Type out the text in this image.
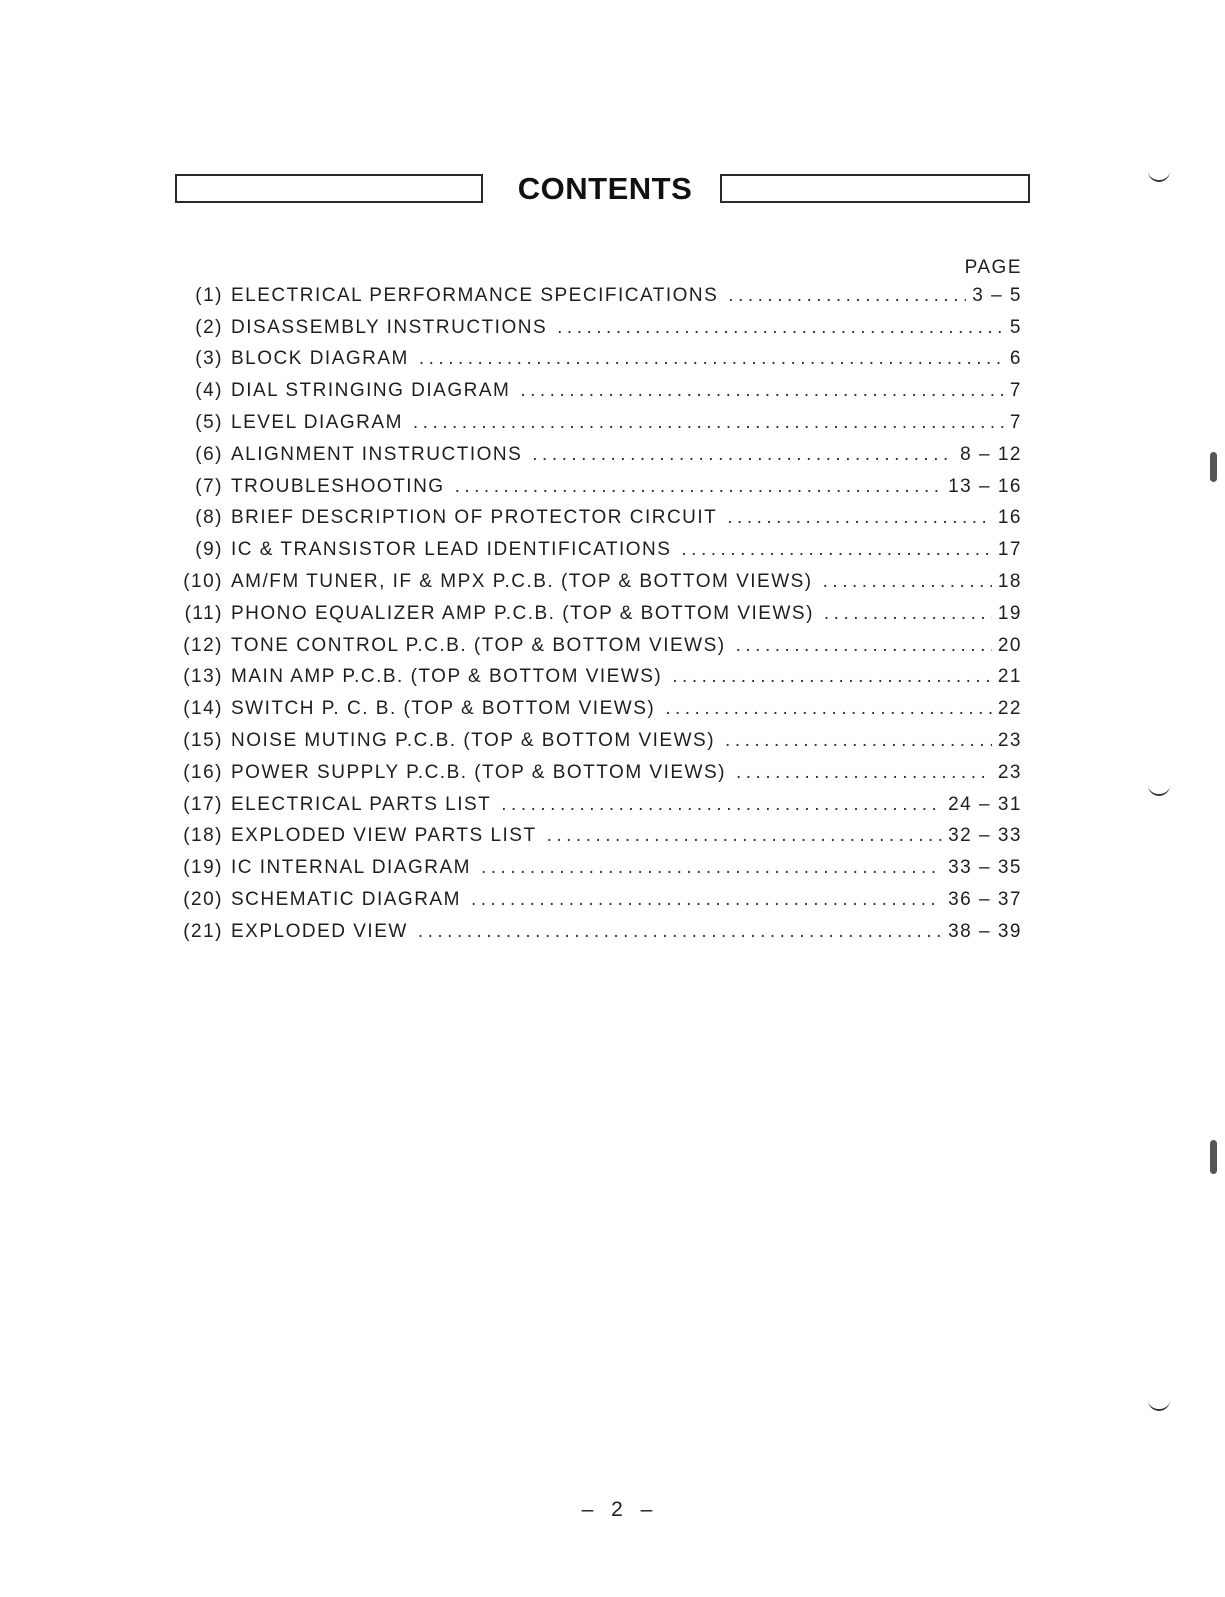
CONTENTS
PAGE
(1) ELECTRICAL PERFORMANCE SPECIFICATIONS .....	3 – 5
(2) DISASSEMBLY INSTRUCTIONS .....	5
(3) BLOCK DIAGRAM .....	6
(4) DIAL STRINGING DIAGRAM .....	7
(5) LEVEL DIAGRAM .....	7
(6) ALIGNMENT INSTRUCTIONS .....	8 – 12
(7) TROUBLESHOOTING .....	13 – 16
(8) BRIEF DESCRIPTION OF PROTECTOR CIRCUIT .....	16
(9) IC & TRANSISTOR LEAD IDENTIFICATIONS .....	17
(10) AM/FM TUNER, IF & MPX P.C.B. (TOP & BOTTOM VIEWS) .....	18
(11) PHONO EQUALIZER AMP P.C.B. (TOP & BOTTOM VIEWS) .....	19
(12) TONE CONTROL P.C.B. (TOP & BOTTOM VIEWS) .....	20
(13) MAIN AMP P.C.B. (TOP & BOTTOM VIEWS) .....	21
(14) SWITCH P. C. B. (TOP & BOTTOM VIEWS) .....	22
(15) NOISE MUTING P.C.B. (TOP & BOTTOM VIEWS) .....	23
(16) POWER SUPPLY P.C.B. (TOP & BOTTOM VIEWS) .....	23
(17) ELECTRICAL PARTS LIST .....	24 – 31
(18) EXPLODED VIEW PARTS LIST .....	32 – 33
(19) IC INTERNAL DIAGRAM .....	33 – 35
(20) SCHEMATIC DIAGRAM .....	36 – 37
(21) EXPLODED VIEW .....	38 – 39
– 2 –
